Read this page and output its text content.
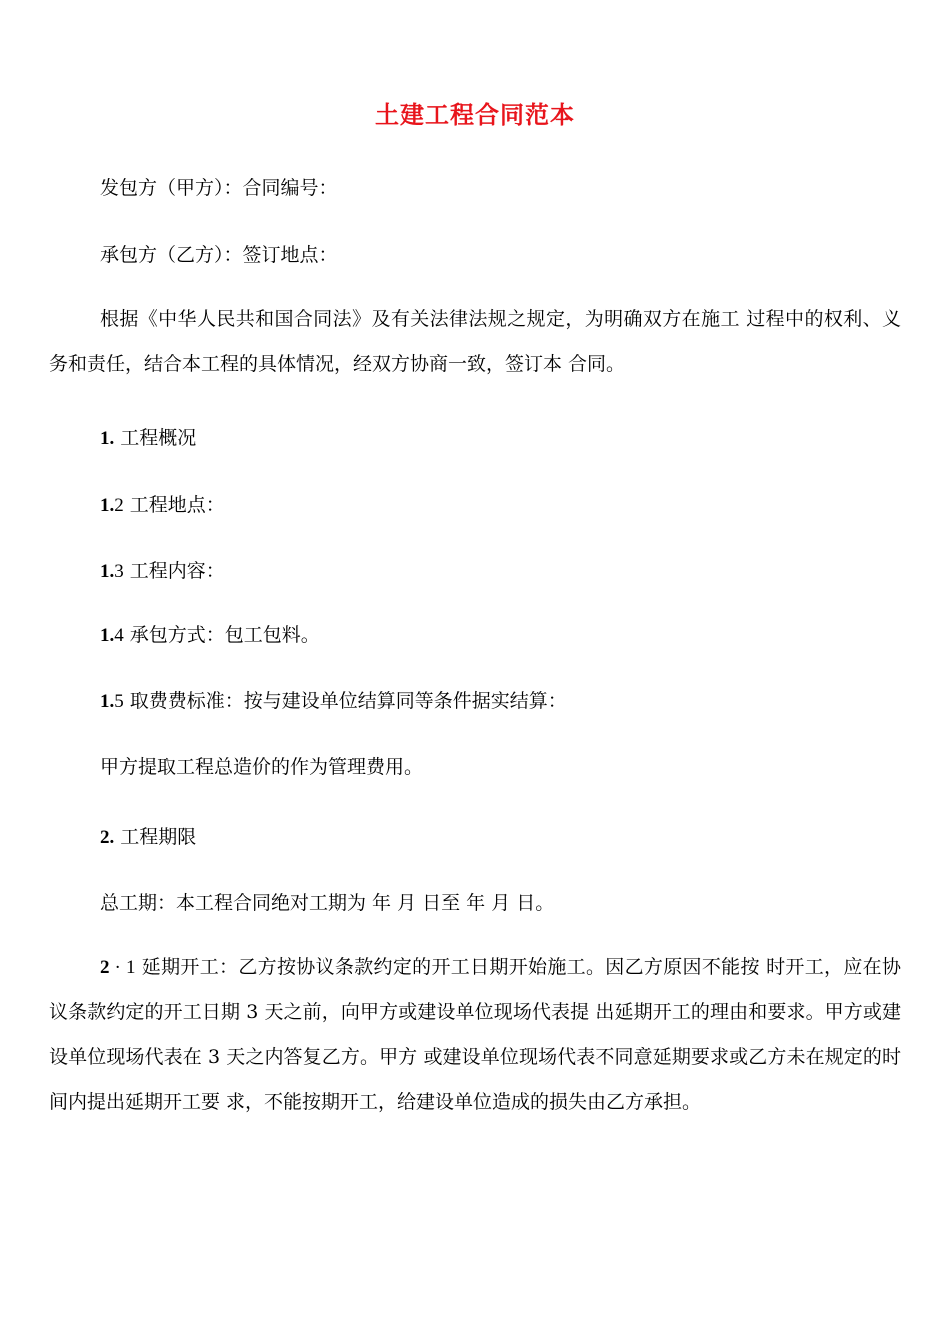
土建工程合同范本
发包方（甲方）：合同编号：
承包方（乙方）：签订地点：
根据《中华人民共和国合同法》及有关法律法规之规定，为明确双方在施工 过程中的权利、义务和责任，结合本工程的具体情况，经双方协商一致，签订本 合同。
1. 工程概况
1.2 工程地点：
1.3 工程内容：
1.4 承包方式：包工包料。
1.5 取费费标准：按与建设单位结算同等条件据实结算：
甲方提取工程总造价的作为管理费用。
2. 工程期限
总工期：本工程合同绝对工期为 年 月 日至 年 月 日。
2 · 1 延期开工：乙方按协议条款约定的开工日期开始施工。因乙方原因不能按 时开工，应在协议条款约定的开工日期 3 天之前，向甲方或建设单位现场代表提 出延期开工的理由和要求。甲方或建设单位现场代表在 3 天之内答复乙方。甲方 或建设单位现场代表不同意延期要求或乙方未在规定的时间内提出延期开工要 求，不能按期开工，给建设单位造成的损失由乙方承担。
